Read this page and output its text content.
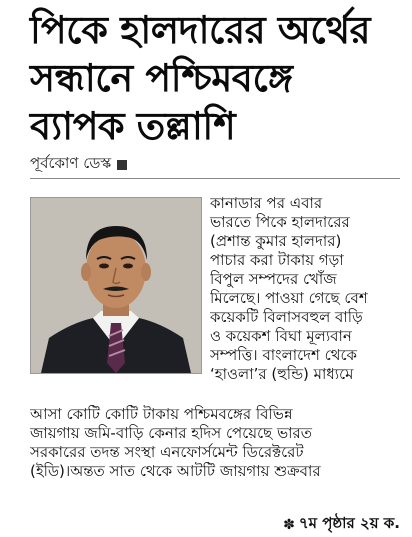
পিকে হালদারের অর্থের
সন্ধানে পশ্চিমবঙ্গে
ব্যাপক তল্লাশি
পূর্বকোণ ডেস্ক
কানাডার পর এবার
ভারতে পিকে হালদারের
(প্রশান্ত কুমার হালদার)
পাচার করা টাকায় গড়া
বিপুল সম্পদের খোঁজ
মিলেছে। পাওয়া গেছে বেশ
কয়েকটি বিলাসবহুল বাড়ি
ও কয়েকশ বিঘা মূল্যবান
সম্পত্তি। বাংলাদেশ থেকে
‘হাওলা’র (হুন্ডি) মাধ্যমে
আসা কোটি কোটি টাকায় পশ্চিমবঙ্গের বিভিন্ন
জায়গায় জমি-বাড়ি কেনার হদিস পেয়েছে ভারত
সরকারের তদন্ত সংস্থা এনফোর্সমেন্ট ডিরেক্টরেট
(ইডি)।অন্তত সাত থেকে আটটি জায়গায় শুক্রবার
✽ ৭ম পৃষ্ঠার ২য় ক.
